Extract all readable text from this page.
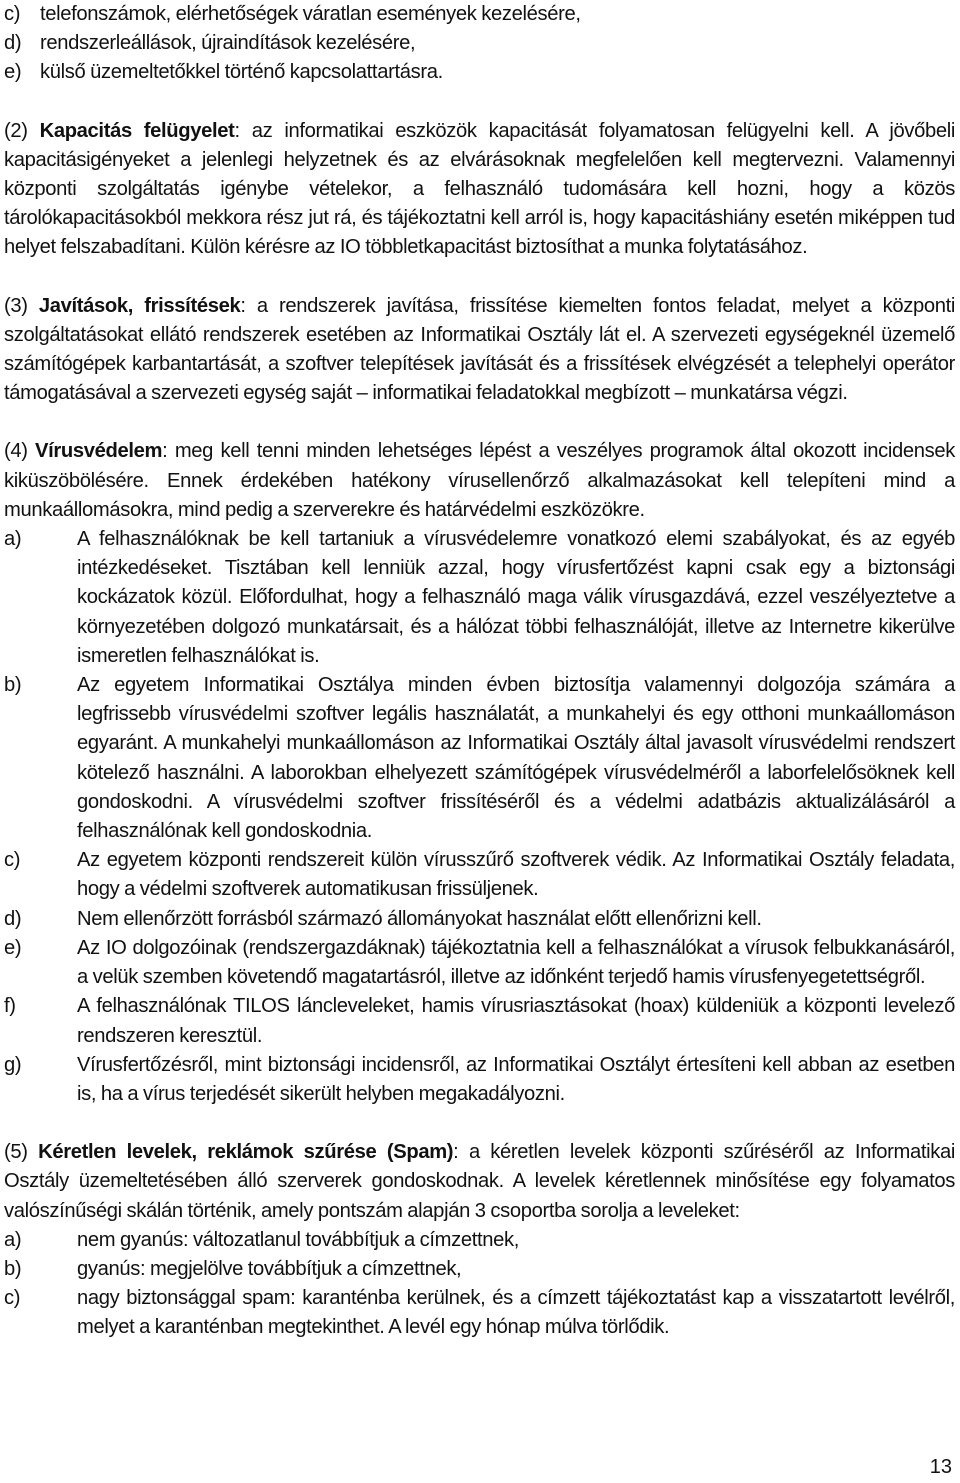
c) telefonszámok, elérhetőségek váratlan események kezelésére,
d) rendszerleállások, újraindítások kezelésére,
e) külső üzemeltetőkkel történő kapcsolattartásra.

(2) Kapacitás felügyelet: az informatikai eszközök kapacitását folyamatosan felügyelni kell. A jövőbeli kapacitásigényeket a jelenlegi helyzetnek és az elvárásoknak megfelelően kell megtervezni. Valamennyi központi szolgáltatás igénybe vételekor, a felhasználó tudomására kell hozni, hogy a közös tárolókapacitásokból mekkora rész jut rá, és tájékoztatni kell arról is, hogy kapacitáshiány esetén miképpen tud helyet felszabadítani. Külön kérésre az IO többletkapacitást biztosíthat a munka folytatásához.

(3) Javítások, frissítések: a rendszerek javítása, frissítése kiemelten fontos feladat, melyet a központi szolgáltatásokat ellátó rendszerek esetében az Informatikai Osztály lát el. A szervezeti egységeknél üzemelő számítógépek karbantartását, a szoftver telepítések javítását és a frissítések elvégzését a telephelyi operátor támogatásával a szervezeti egység saját – informatikai feladatokkal megbízott – munkatársa végzi.

(4) Vírusvédelem: meg kell tenni minden lehetséges lépést a veszélyes programok által okozott incidensek kiküszöbölésére. Ennek érdekében hatékony vírusellenőrző alkalmazásokat kell telepíteni mind a munkaállomásokra, mind pedig a szerverekre és határvédelmi eszközökre.

a)	A felhasználóknak be kell tartaniuk a vírusvédelemre vonatkozó elemi szabályokat, és az egyéb intézkedéseket. Tisztában kell lenniük azzal, hogy vírusfertőzést kapni csak egy a biztonsági kockázatok közül. Előfordulhat, hogy a felhasználó maga válik vírusgazdává, ezzel veszélyeztetve a környezetében dolgozó munkatársait, és a hálózat többi felhasználóját, illetve az Internetre kikerülve ismeretlen felhasználókat is.
b)	Az egyetem Informatikai Osztálya minden évben biztosítja valamennyi dolgozója számára a legfrissebb vírusvédelmi szoftver legális használatát, a munkahelyi és egy otthoni munkaállomáson egyaránt. A munkahelyi munkaállomáson az Informatikai Osztály által javasolt vírusvédelmi rendszert kötelező használni. A laborokban elhelyezett számítógépek vírusvédelméről a laborfelelősöknek kell gondoskodni. A vírusvédelmi szoftver frissítéséről és a védelmi adatbázis aktualizálásáról a felhasználónak kell gondoskodnia.
c)	Az egyetem központi rendszereit külön vírusszűrő szoftverek védik. Az Informatikai Osztály feladata, hogy a védelmi szoftverek automatikusan frissüljenek.
d)	Nem ellenőrzött forrásból származó állományokat használat előtt ellenőrizni kell.
e)	Az IO dolgozóinak (rendszergazdáknak) tájékoztatnia kell a felhasználókat a vírusok felbukkanásáról, a velük szemben követendő magatartásról, illetve az időnként terjedő hamis vírusfenyegetettségről.
f)	A felhasználónak TILOS láncleveleket, hamis vírusriasztásokat (hoax) küldeniük a központi levelező rendszeren keresztül.
g)	Vírusfertőzésről, mint biztonsági incidensről, az Informatikai Osztályt értesíteni kell abban az esetben is, ha a vírus terjedését sikerült helyben megakadályozni.

(5) Kéretlen levelek, reklámok szűrése (Spam): a kéretlen levelek központi szűréséről az Informatikai Osztály üzemeltetésében álló szerverek gondoskodnak. A levelek kéretlennek minősítése egy folyamatos valószínűségi skálán történik, amely pontszám alapján 3 csoportba sorolja a leveleket:

a)	nem gyanús: változatlanul továbbítjuk a címzettnek,
b)	gyanús: megjelölve továbbítjuk a címzettnek,
c)	nagy biztonsággal spam: karanténba kerülnek, és a címzett tájékoztatást kap a visszatartott levélről, melyet a karanténban megtekinthet. A levél egy hónap múlva törlődik.
13
